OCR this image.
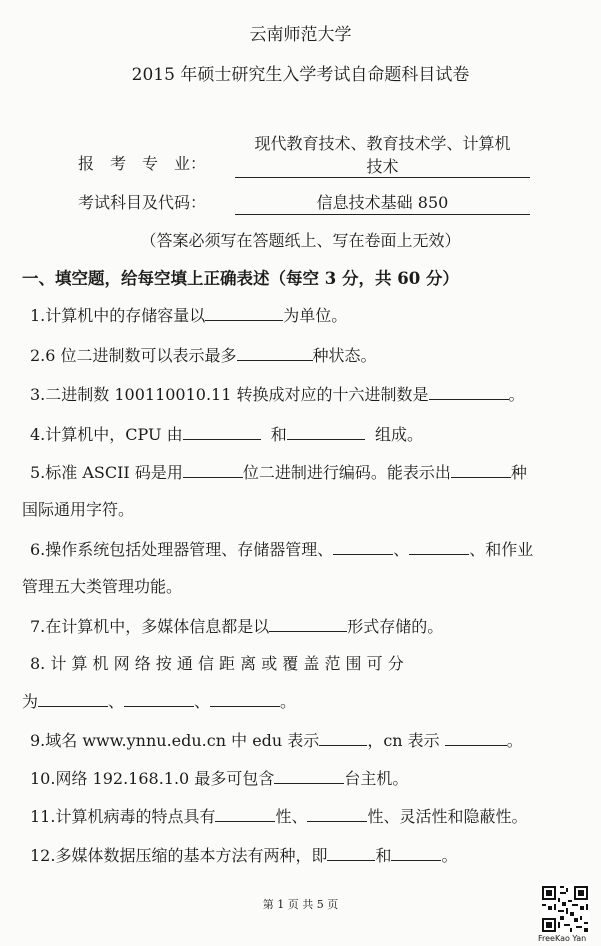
云南师范大学
2015 年硕士研究生入学考试自命题科目试卷
报　考　专　业：
现代教育技术、教育技术学、计算机
技术
考试科目及代码：	信息技术基础 850
（答案必须写在答题纸上、写在卷面上无效）
一、填空题，给每空填上正确表述（每空 3 分，共 60 分）
1.计算机中的存储容量以	为单位。
2.6 位二进制数可以表示最多	种状态。
3.二进制数 100110010.11 转换成对应的十六进制数是	。
4.计算机中，CPU 由	和	组成。
5.标准 ASCII 码是用	位二进制进行编码。能表示出	种
国际通用字符。
6.操作系统包括处理器管理、存储器管理、	、	、和作业
管理五大类管理功能。
7.在计算机中，多媒体信息都是以	形式存储的。
8. 计 算 机 网 络 按 通 信 距 离 或 覆 盖 范 围 可 分
为	、	、	。
9.域名 www.ynnu.edu.cn 中 edu 表示	，cn 表示	。
10.网络 192.168.1.0 最多可包含	台主机。
11.计算机病毒的特点具有	性、	性、灵活性和隐蔽性。
12.多媒体数据压缩的基本方法有两种，即	和	。
第 1 页 共 5 页
FreeKao Yan
